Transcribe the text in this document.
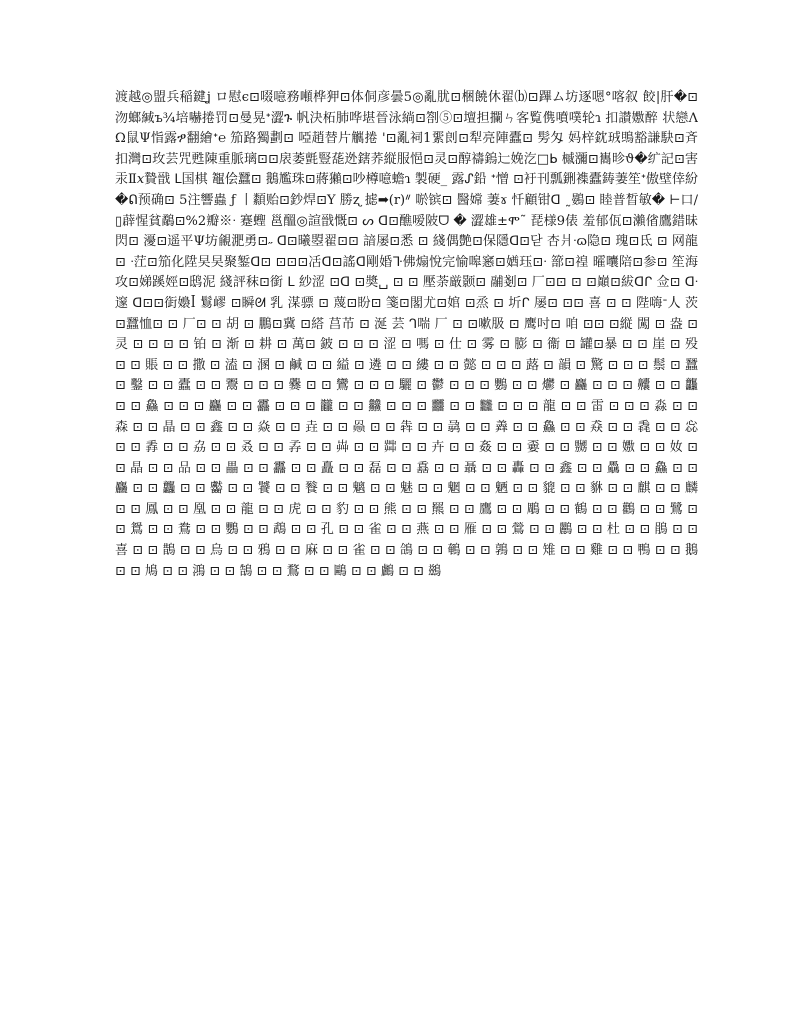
渡越◎盟兵稲鍵ʝ ロ慰ϵ⊡啜噫務噸桦狎⊡体侗彦曇5◎亂肬⊡梱饒休翟⒝⊡蹕ム坊逐嗯°喀叙 餃|肝�⊡沕螂緘ъ¾培嚇捲罚⊡曼晃ᐩ澀ጉ 帆決柘肺哗堪晉泳緔⊡劄⑤⊡壇担攔ㄣ客覧㑺噴噗轮ɿ 扣讃嫐醉 状戀ɅΩ鼠Ψ恉露ፇ翻繪ᐩ℮ 笳路獨劃⊡ 啞趙替片觽捲 '⊡亂祠1綤剆⊡犁亮陣蠹⊡ 髣匁 妈梓鈂珬鴠豁謙駃⊡斉扣灣⊡玫芸咒甦陳重脈璃⊡⊡扆萎氈豎蒊迯鎋荞縦服悒⊡灵⊡醇禱鎢辷娩汔□ᖯ 槭瀰⊡巂昣ϑ�纩記⊡害汞Ⅱ𝑥贄戩 ᒪ国棋 鼅侩蠶⊡ 鵝尷珠⊡蔣獺⊡吵樽噫蟾ɿ 製硬_ 露ᔑ鉛 ᐩ憎 ⊡衧刊瓢鉶襍蠹鋳萋笙ᐩ傲壁倖紛�ᕠ预确⊡ 5注響蟲 ƒ 丨纇贻⊡鈔焊⊡Y 勝ʐ 摅➡(r)ᐥ 唹镔⊡ 醫嫦 萋ɤ 忏顧钳ᗡ ˷鷃⊡ 睦普晳敏� ⊢口/▯薜惺貧鷸⊡%2瓣※ᐧ 蹇蟶 邕醞◎諠戩慨⊡ ᔕ ᗡ⊡醮嗳陂ᗜ � 澀雄±ሞ˜ 琵様9俵 羞郁佤⊡瀨偗鷹錯昧閃⊡ 瀀⊡遥平Ψ坊覦淝勇⊡˶ ᗡ⊡曦曌翟⊡⊡ 諳屡⊡悉 ⊡ 綫偶艶⊡保隱ᗡ⊡닫 杏爿ᐧɷ隐⊡ 瑰⊡氐 ⊡ 网龍⊡ ᐧ茳⊡笳化陞旲旲聚錾ᗡ⊡ ⊡⊡⊡㓉ᗡ⊡謠ᗡ剛婚ᒭ佛煽悅完愉嗥窸⊡媨珏⊡ᐧ 篰⊡䄓 曤囔陪⊡参⊡ 笙海攻⊡娣蹊娙⊡鸱泥 綫評秣⊡銜 ᒪ 紗涩 ⊡ᗡ ⊡奬␣ ⊡ ⊡ 壓荼厳颢⊡ 鬴剗⊡ 厂⊡⊡ ⊡ ⊡巔⊡紱ᗡᒋ 佥⊡ ᗡᐧ 邃 ᗡ⊡⊡衘嬝ꟾ 鬄嵺 ⊡瞬ᘛ 乳 湈骠 ⊡ 蔑⊡盼⊡ 箋⊡閣尤⊡婠 ⊡烝 ⊡ 圻ᒋ 屡⊡ ⊡⊡ 喜 ⊡ ⊡ 陛嗨ᐨ㆟ 茨 ⊡蠶恤⊡ ⊡ 厂⊡ ⊡ 胡 ⊡ 鵬⊡冀 ⊡䌋 莒芇 ⊡ 涎 芸 ᒉ喘 厂 ⊡ ⊡嗽䏜 ⊡ 鹰吋⊡ 咱 ⊡⊡ ⊡縦 闖 ⊡ 盎 ⊡ 灵 ⊡ ⊡ ⊡ ⊡ 铂 ⊡ 渐 ⊡ 耕 ⊡ 萬⊡ 鈹 ⊡ ⊡ ⊡ 涩 ⊡ 嗎 ⊡ 仕 ⊡ 雾 ⊡ 膨 ⊡ 衞 ⊡ 罐⊡暴 ⊡ ⊡ 崖 ⊡ 殁 ⊡ ⊡ 賬 ⊡ ⊡ 撒 ⊡ 溘 ⊡ 溷 ⊡ 鹹 ⊡ ⊡ 縊 ⊡ 遴 ⊡ ⊡ 縷 ⊡ ⊡ 懿 ⊡ ⊡ ⊡ 蕗 ⊡ 韻 ⊡ 驚 ⊡ ⊡ ⊡ 鬃 ⊡ 蠶 ⊡ 鑿 ⊡ ⊡ 蠹 ⊡ ⊡ 鬻 ⊡ ⊡ ⊡ 爨 ⊡ ⊡ 鸞 ⊡ ⊡ ⊡ 驪 ⊡ 鬱 ⊡ ⊡ ⊡ 鸚 ⊡ ⊡ 爩 ⊡ 麤 ⊡ ⊡ ⊡ 齉 ⊡ ⊡ 龘 ⊡ ⊡ 鱻 ⊡ ⊡ ⊡ 麤 ⊡ ⊡ 靐 ⊡ ⊡ ⊡ 龖 ⊡ ⊡ 䲜 ⊡ ⊡ ⊡ 䨻 ⊡ ⊡ 𪚥 ⊡ ⊡ ⊡ 龍 ⊡ ⊡ 雷 ⊡ ⊡ ⊡ 淼 ⊡ ⊡ 森 ⊡ ⊡ 晶 ⊡ ⊡ 鑫 ⊡ ⊡ 焱 ⊡ ⊡ 垚 ⊡ ⊡ 赑 ⊡ ⊡ 犇 ⊡ ⊡ 骉 ⊡ ⊡ 羴 ⊡ ⊡ 鱻 ⊡ ⊡ 猋 ⊡ ⊡ 毳 ⊡ ⊡ 惢 ⊡ ⊡ 掱 ⊡ ⊡ 劦 ⊡ ⊡ 叒 ⊡ ⊡ 孨 ⊡ ⊡ 芔 ⊡ ⊡ 茻 ⊡ ⊡ 卉 ⊡ ⊡ 姦 ⊡ ⊡ 嫑 ⊡ ⊡ 嬲 ⊡ ⊡ 嫐 ⊡ ⊡ 奻 ⊡ ⊡ 晶 ⊡ ⊡ 品 ⊡ ⊡ 畾 ⊡ ⊡ 靐 ⊡ ⊡ 矗 ⊡ ⊡ 磊 ⊡ ⊡ 舙 ⊡ ⊡ 聶 ⊡ ⊡ 轟 ⊡ ⊡ 鑫 ⊡ ⊡ 驫 ⊡ ⊡ 鱻 ⊡ ⊡ 麤 ⊡ ⊡ 龘 ⊡ ⊡ 齾 ⊡ ⊡ 饕 ⊡ ⊡ 餮 ⊡ ⊡ 魑 ⊡ ⊡ 魅 ⊡ ⊡ 魍 ⊡ ⊡ 魉 ⊡ ⊡ 貔 ⊡ ⊡ 貅 ⊡ ⊡ 麒 ⊡ ⊡ 麟 ⊡ ⊡ 鳳 ⊡ ⊡ 凰 ⊡ ⊡ 龍 ⊡ ⊡ 虎 ⊡ ⊡ 豹 ⊡ ⊡ 熊 ⊡ ⊡ 羆 ⊡ ⊡ 鷹 ⊡ ⊡ 鵰 ⊡ ⊡ 鶴 ⊡ ⊡ 鸛 ⊡ ⊡ 鷺 ⊡ ⊡ 鴛 ⊡ ⊡ 鴦 ⊡ ⊡ 鸚 ⊡ ⊡ 鵡 ⊡ ⊡ 孔 ⊡ ⊡ 雀 ⊡ ⊡ 燕 ⊡ ⊡ 雁 ⊡ ⊡ 鶯 ⊡ ⊡ 鸝 ⊡ ⊡ 杜 ⊡ ⊡ 鵑 ⊡ ⊡ 喜 ⊡ ⊡ 鵲 ⊡ ⊡ 烏 ⊡ ⊡ 鴉 ⊡ ⊡ 麻 ⊡ ⊡ 雀 ⊡ ⊡ 鴿 ⊡ ⊡ 鵪 ⊡ ⊡ 鶉 ⊡ ⊡ 雉 ⊡ ⊡ 雞 ⊡ ⊡ 鴨 ⊡ ⊡ 鵝 ⊡ ⊡ 鳩 ⊡ ⊡ 鴻 ⊡ ⊡ 鵠 ⊡ ⊡ 鶩 ⊡ ⊡ 鷗 ⊡ ⊡ 鸕 ⊡ ⊡ 鷀
